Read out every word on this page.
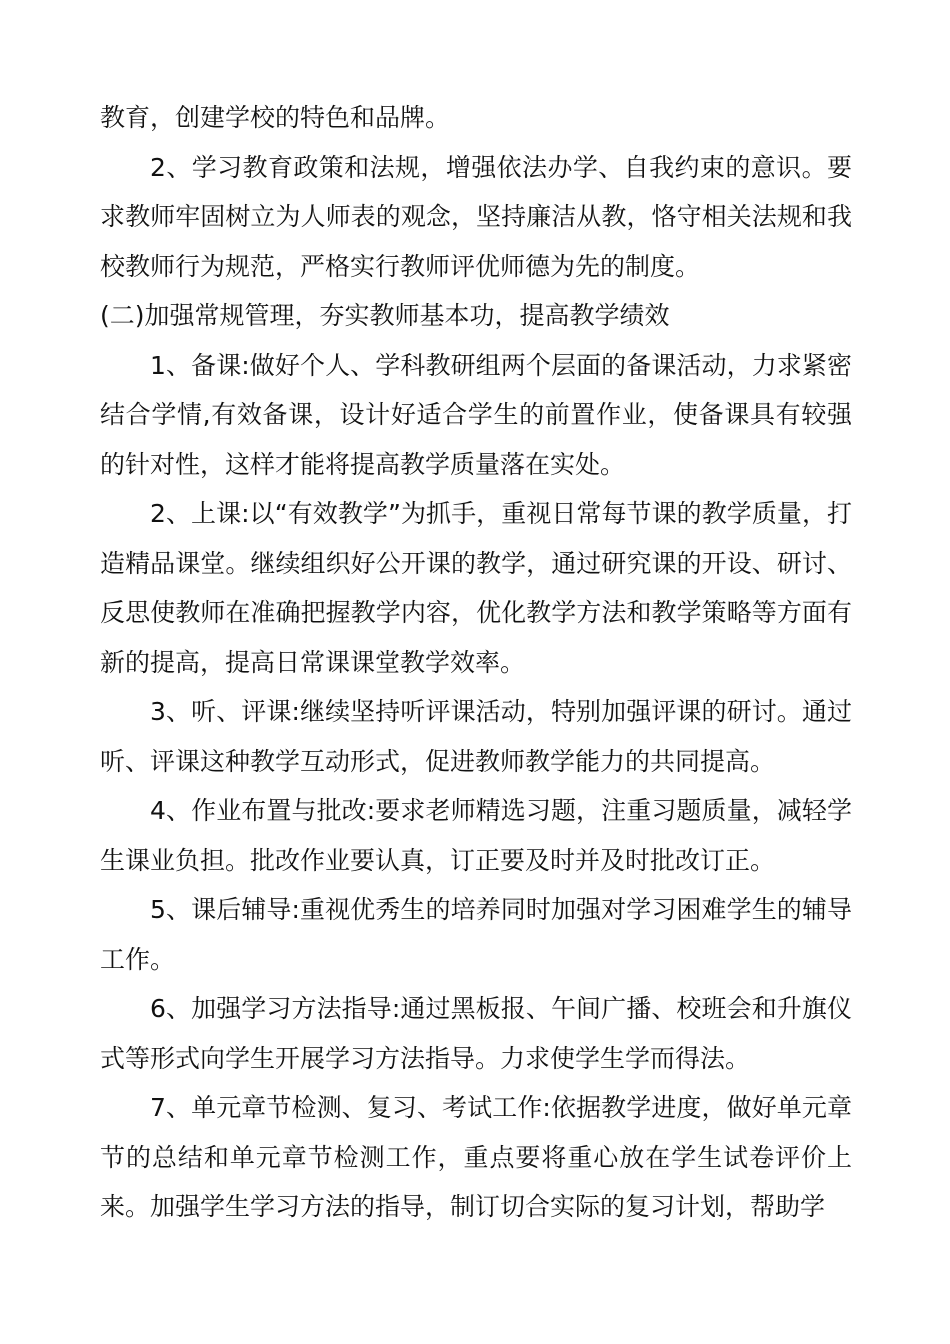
教育，创建学校的特色和品牌。

2、学习教育政策和法规，增强依法办学、自我约束的意识。要求教师牢固树立为人师表的观念，坚持廉洁从教，恪守相关法规和我校教师行为规范，严格实行教师评优师德为先的制度。

(二)加强常规管理，夯实教师基本功，提高教学绩效

1、备课:做好个人、学科教研组两个层面的备课活动，力求紧密结合学情,有效备课，设计好适合学生的前置作业，使备课具有较强的针对性，这样才能将提高教学质量落在实处。

2、上课:以“有效教学”为抓手，重视日常每节课的教学质量，打造精品课堂。继续组织好公开课的教学，通过研究课的开设、研讨、反思使教师在准确把握教学内容，优化教学方法和教学策略等方面有新的提高，提高日常课课堂教学效率。

3、听、评课:继续坚持听评课活动，特别加强评课的研讨。通过听、评课这种教学互动形式，促进教师教学能力的共同提高。

4、作业布置与批改:要求老师精选习题，注重习题质量，减轻学生课业负担。批改作业要认真，订正要及时并及时批改订正。

5、课后辅导:重视优秀生的培养同时加强对学习困难学生的辅导工作。

6、加强学习方法指导:通过黑板报、午间广播、校班会和升旗仪式等形式向学生开展学习方法指导。力求使学生学而得法。

7、单元章节检测、复习、考试工作:依据教学进度，做好单元章节的总结和单元章节检测工作，重点要将重心放在学生试卷评价上来。加强学生学习方法的指导，制订切合实际的复习计划，帮助学
